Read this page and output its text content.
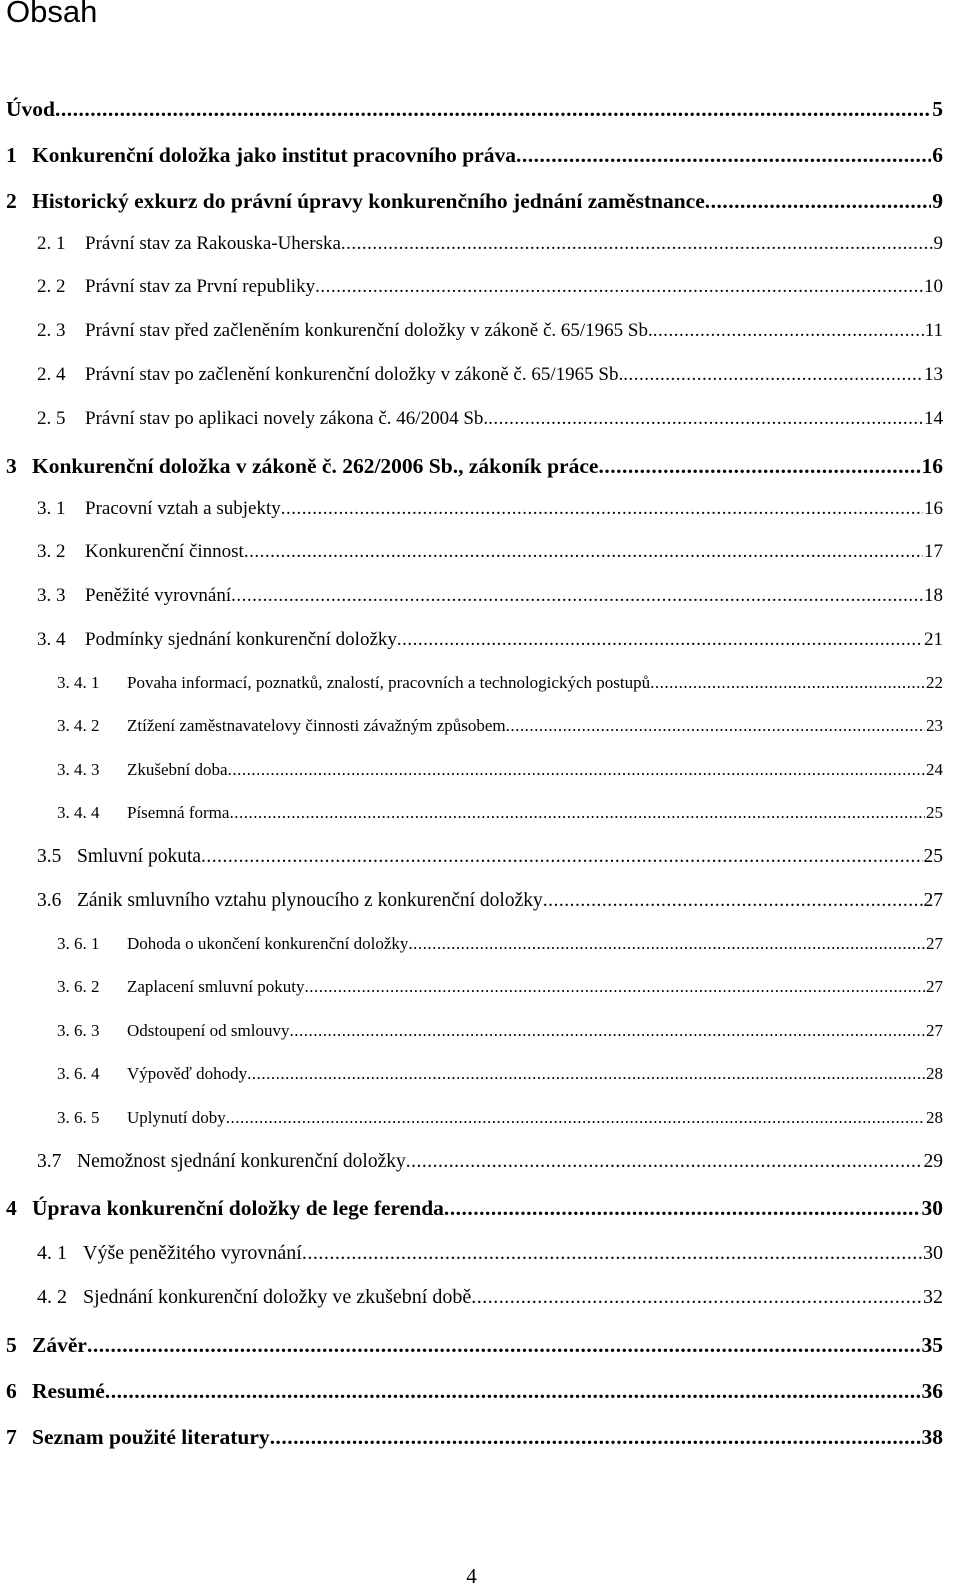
Obsah
Úvod .....	5
1 Konkurenční doložka jako institut pracovního práva .....	6
2 Historický exkurz do právní úpravy konkurenčního jednání zaměstnance .....	9
2. 1	Právní stav za Rakouska-Uherska .....	9
2. 2	Právní stav za První republiky .....	10
2. 3	Právní stav před začleněním konkurenční doložky v zákoně č. 65/1965 Sb. .....	11
2. 4	Právní stav po začlenění konkurenční doložky v zákoně č. 65/1965 Sb. .....	13
2. 5	Právní stav po aplikaci novely zákona č. 46/2004 Sb. .....	14
3 Konkurenční doložka v zákoně č. 262/2006 Sb., zákoník práce .....	16
3. 1	Pracovní vztah a subjekty .....	16
3. 2	Konkurenční činnost .....	17
3. 3	Peněžité vyrovnání .....	18
3. 4	Podmínky sjednání konkurenční doložky .....	21
3. 4. 1	Povaha informací, poznatků, znalostí, pracovních a technologických postupů .....	22
3. 4. 2	Ztížení zaměstnavatelovy činnosti závažným způsobem .....	23
3. 4. 3	Zkušební doba .....	24
3. 4. 4	Písemná forma .....	25
3.5 Smluvní pokuta .....	25
3.6 Zánik smluvního vztahu plynoucího z konkurenční doložky .....	27
3. 6. 1	Dohoda o ukončení konkurenční doložky .....	27
3. 6. 2	Zaplacení smluvní pokuty .....	27
3. 6. 3	Odstoupení od smlouvy .....	27
3. 6. 4	Výpověď dohody .....	28
3. 6. 5	Uplynutí doby .....	28
3.7 Nemožnost sjednání konkurenční doložky .....	29
4 Úprava konkurenční doložky de lege ferenda .....	30
4. 1 Výše peněžitého vyrovnání .....	30
4. 2 Sjednání konkurenční doložky ve zkušební době .....	32
5 Závěr .....	35
6 Resumé .....	36
7 Seznam použité literatury .....	38
4
